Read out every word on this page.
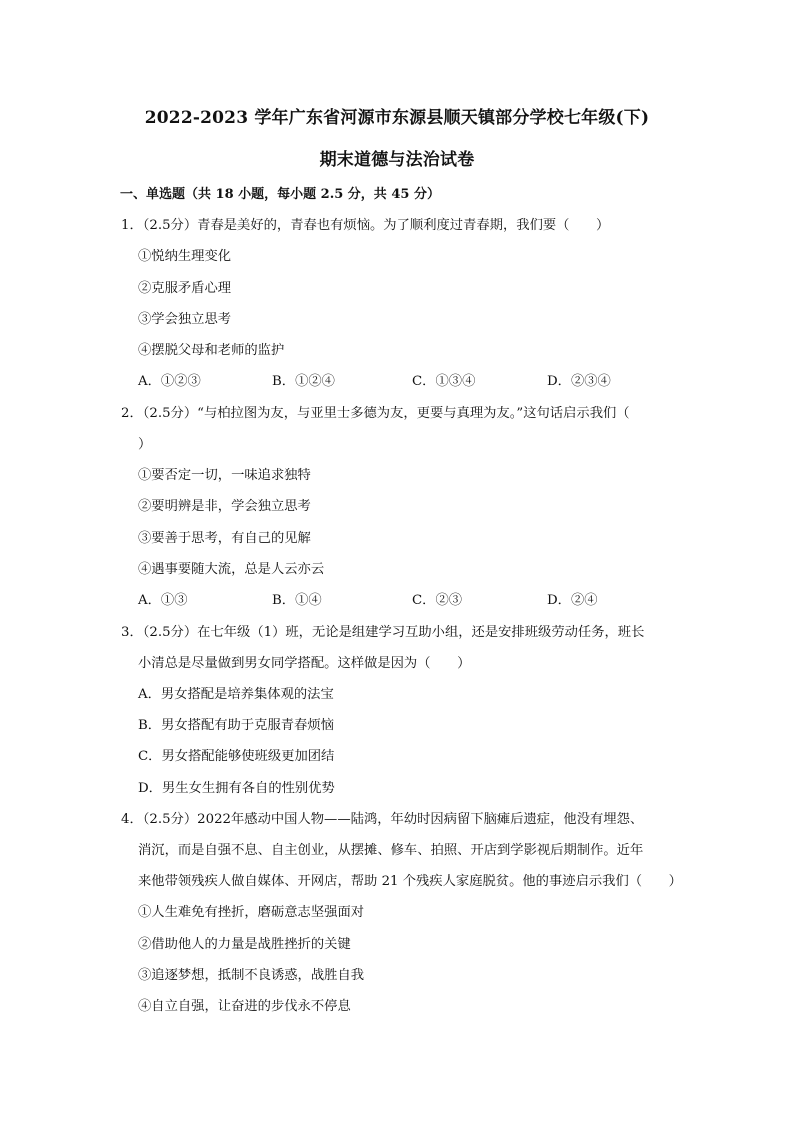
2022-2023 学年广东省河源市东源县顺天镇部分学校七年级(下)
期末道德与法治试卷
一、单选题（共 18 小题，每小题 2.5 分，共 45 分）
1．（2.5分）青春是美好的，青春也有烦恼。为了顺利度过青春期，我们要（　　）
①悦纳生理变化
②克服矛盾心理
③学会独立思考
④摆脱父母和老师的监护
A．①②③	B．①②④	C．①③④	D．②③④
2．（2.5分）“与柏拉图为友，与亚里士多德为友，更要与真理为友。”这句话启示我们（
）
①要否定一切，一味追求独特
②要明辨是非，学会独立思考
③要善于思考，有自己的见解
④遇事要随大流，总是人云亦云
A．①③	B．①④	C．②③	D．②④
3．（2.5分）在七年级（1）班，无论是组建学习互助小组，还是安排班级劳动任务，班长
小清总是尽量做到男女同学搭配。这样做是因为（　　）
A．男女搭配是培养集体观的法宝
B．男女搭配有助于克服青春烦恼
C．男女搭配能够使班级更加团结
D．男生女生拥有各自的性别优势
4．（2.5分）2022年感动中国人物——陆鸿，年幼时因病留下脑瘫后遗症，他没有埋怨、
消沉，而是自强不息、自主创业，从摆摊、修车、拍照、开店到学影视后期制作。近年
来他带领残疾人做自媒体、开网店，帮助 21 个残疾人家庭脱贫。他的事迹启示我们（　　）
①人生难免有挫折，磨砺意志坚强面对
②借助他人的力量是战胜挫折的关键
③追逐梦想，抵制不良诱惑，战胜自我
④自立自强，让奋进的步伐永不停息
